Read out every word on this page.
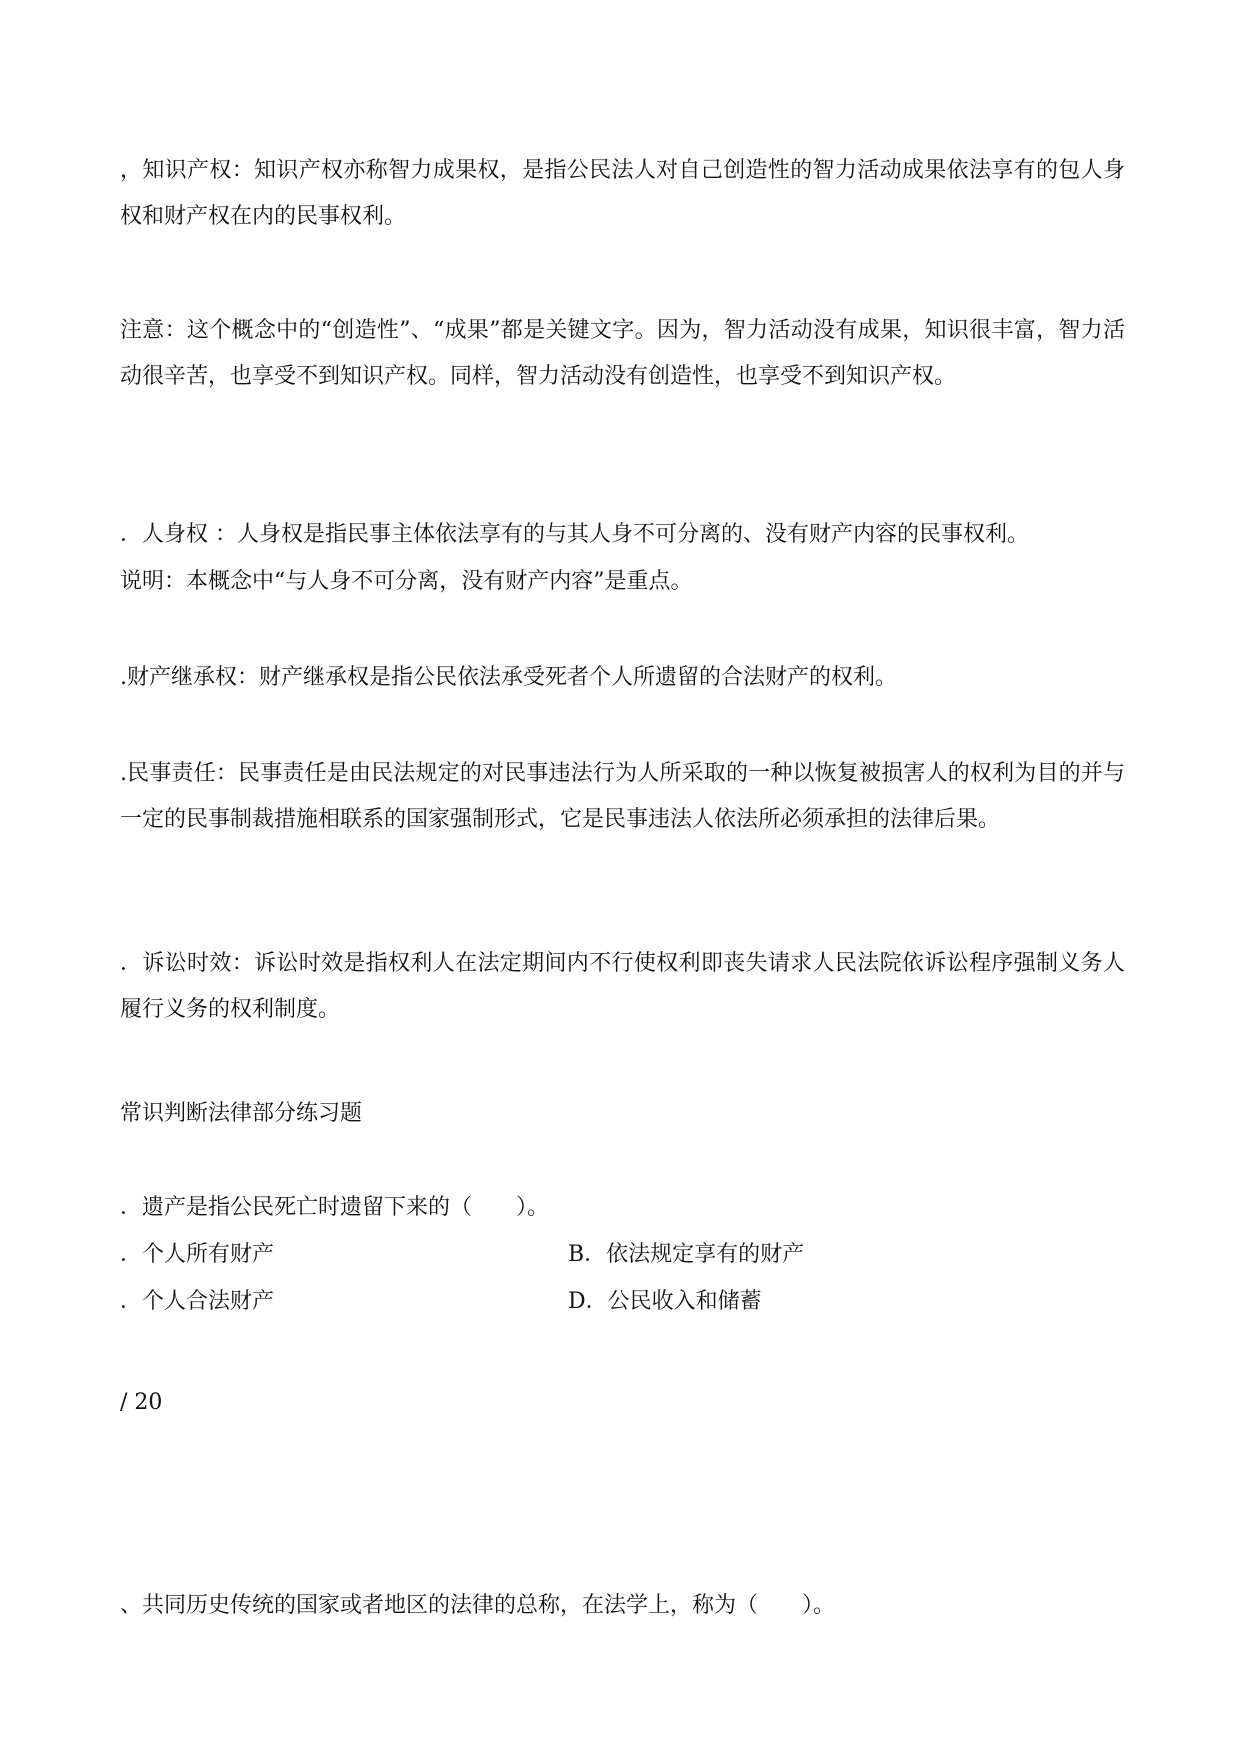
，知识产权：知识产权亦称智力成果权，是指公民法人对自己创造性的智力活动成果依法享有的包人身权和财产权在内的民事权利。
注意：这个概念中的“创造性”、“成果”都是关键文字。因为，智力活动没有成果，知识很丰富，智力活动很辛苦，也享受不到知识产权。同样，智力活动没有创造性，也享受不到知识产权。
．人身权 ：人身权是指民事主体依法享有的与其人身不可分离的、没有财产内容的民事权利。
说明：本概念中“与人身不可分离，没有财产内容”是重点。
.财产继承权：财产继承权是指公民依法承受死者个人所遗留的合法财产的权利。
.民事责任：民事责任是由民法规定的对民事违法行为人所采取的一种以恢复被损害人的权利为目的并与一定的民事制裁措施相联系的国家强制形式，它是民事违法人依法所必须承担的法律后果。
．诉讼时效：诉讼时效是指权利人在法定期间内不行使权利即丧失请求人民法院依诉讼程序强制义务人履行义务的权利制度。
常识判断法律部分练习题
．遗产是指公民死亡时遗留下来的（　　）。
．个人所有财产	B．依法规定享有的财产
．个人合法财产	D．公民收入和储蓄
/ 20
、共同历史传统的国家或者地区的法律的总称，在法学上，称为（　　）。
